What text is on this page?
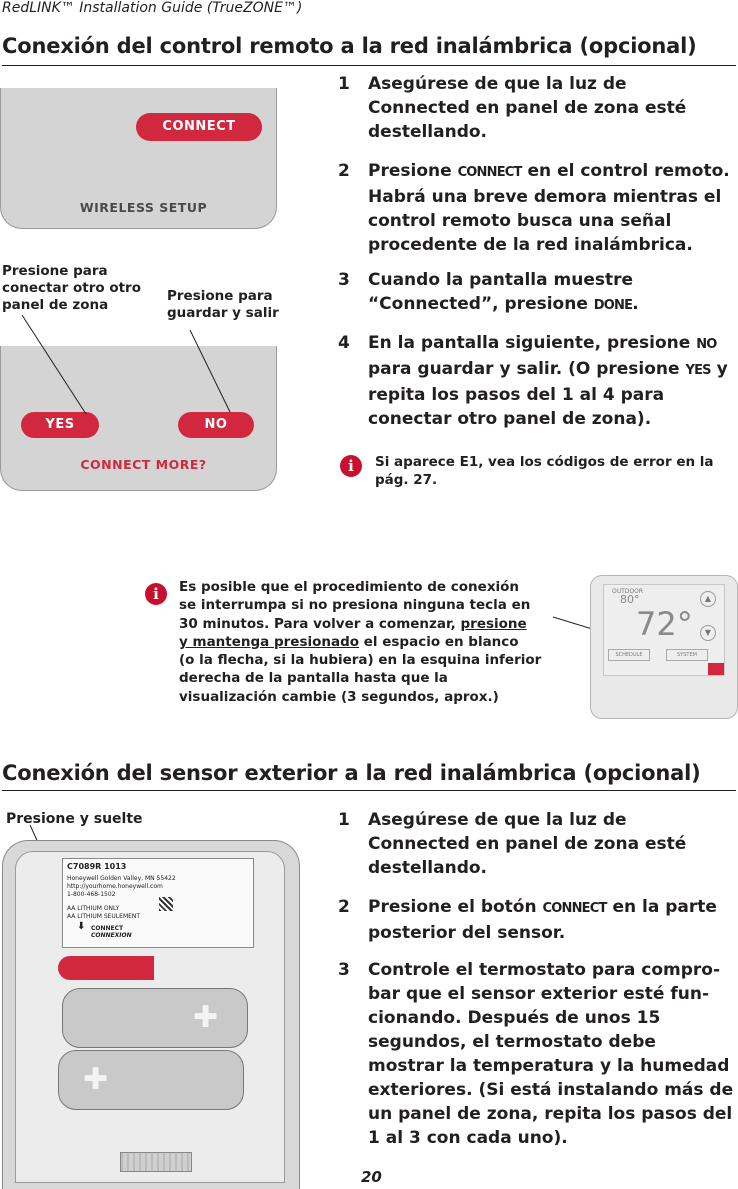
RedLINK™ Installation Guide (TrueZONE™)
Conexión del control remoto a la red inalámbrica (opcional)
CONNECT
WIRELESS SETUP
Presione para
conectar otro otro
panel de zona
Presione para
guardar y salir
YES	NO
CONNECT MORE?
1 Asegúrese de que la luz de
Connected en panel de zona esté
destellando.
2 Presione CONNECT en el control remoto.
Habrá una breve demora mientras el
control remoto busca una señal
procedente de la red inalámbrica.
3 Cuando la pantalla muestre
“Connected”, presione DONE.
4 En la pantalla siguiente, presione NO
para guardar y salir. (O presione YES y
repita los pasos del 1 al 4 para
conectar otro panel de zona).
i	Si aparece E1, vea los códigos de error en la
pág. 27.
i	Es posible que el procedimiento de conexión
se interrumpa si no presiona ninguna tecla en
30 minutos. Para volver a comenzar, presione
y mantenga presionado el espacio en blanco
(o la flecha, si la hubiera) en la esquina inferior
derecha de la pantalla hasta que la
visualización cambie (3 segundos, aprox.)
OUTDOOR
80°
72°
▲
▼
SCHEDULE	SYSTEM
Conexión del sensor exterior a la red inalámbrica (opcional)
Presione y suelte
C7089R 1013
Honeywell Golden Valley, MN 55422
http://yourhome.honeywell.com
1-800-468-1502
AA LITHIUM ONLY
AA LITHIUM SEULEMENT
⬇ CONNECT
CONNEXION
✚
✚
1 Asegúrese de que la luz de
Connected en panel de zona esté
destellando.
2 Presione el botón CONNECT en la parte
posterior del sensor.
3 Controle el termostato para compro-
bar que el sensor exterior esté fun-
cionando. Después de unos 15
segundos, el termostato debe
mostrar la temperatura y la humedad
exteriores. (Si está instalando más de
un panel de zona, repita los pasos del
1 al 3 con cada uno).
20
